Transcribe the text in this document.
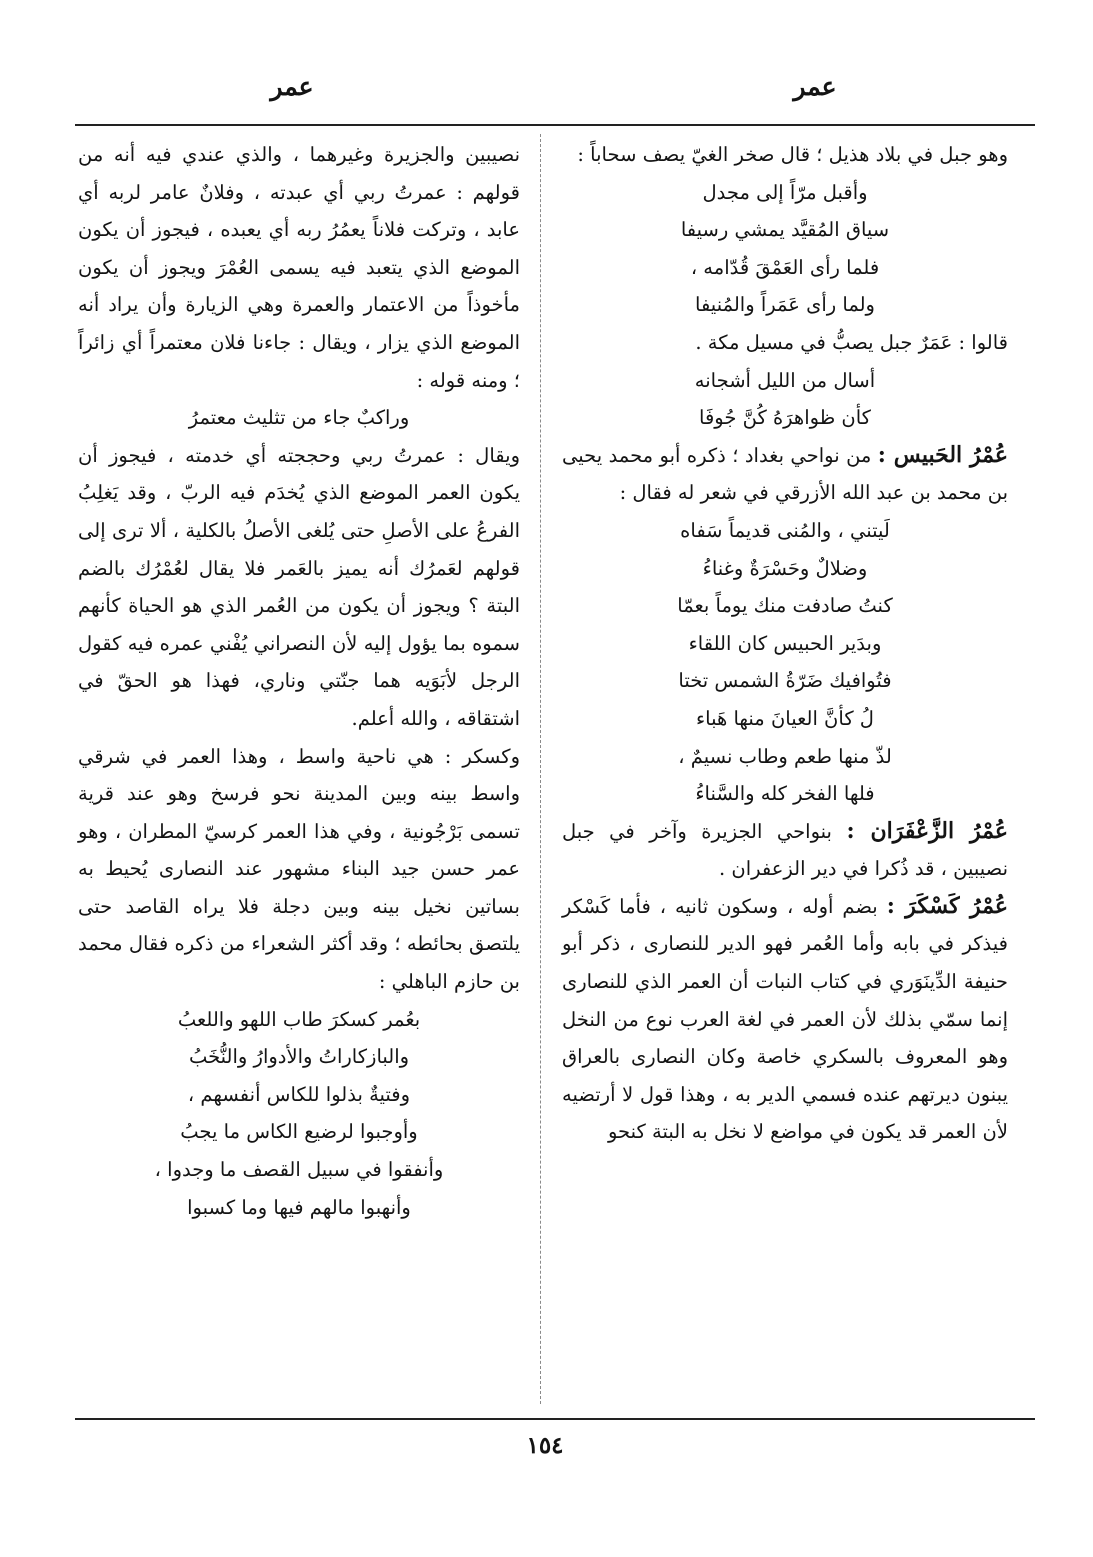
عمر
عمر

وهو جبل في بلاد هذيل ؛ قال صخر الغيّ يصف سحاباً :

وأقبل مرّاً إلى مجدل

سياق المُقيَّد يمشي رسيفا

فلما رأى العَمْقَ قُدّامه ،

ولما رأى عَمَراً والمُنيفا

قالوا : عَمَرٌ جبل يصبُّ في مسيل مكة .

أسال من الليل أشجانه

كأن ظواهرَهُ كُنَّ جُوفَا

عُمْرُ الحَبيس : من نواحي بغداد ؛ ذكره أبو محمد يحيى بن محمد بن عبد الله الأزرقي في شعر له فقال :

لَيتني ، والمُنى قديماً سَفاه

وضلالٌ وحَسْرَةٌ وغناءُ

كنتُ صادفت منك يوماً بعمّا

وبدَير الحبيس كان اللقاء

فتُوافيك ضَرّةُ الشمس تختا

لُ كأنَّ العيانَ منها هَباء

لذّ منها طعم وطاب نسيمٌ ،

فلها الفخر كله والسَّناءُ

عُمْرُ الزَّعْفَرَان : بنواحي الجزيرة وآخر في جبل نصيبين ، قد ذُكرا في دير الزعفران .

عُمْرُ كَسْكَرَ : بضم أوله ، وسكون ثانيه ، فأما كَسْكر فيذكر في بابه وأما العُمر فهو الدير للنصارى ، ذكر أبو حنيفة الدِّينَوَري في كتاب النبات أن العمر الذي للنصارى إنما سمّي بذلك لأن العمر في لغة العرب نوع من النخل وهو المعروف بالسكري خاصة وكان النصارى بالعراق يبنون ديرتهم عنده فسمي الدير به ، وهذا قول لا أرتضيه لأن العمر قد يكون في مواضع لا نخل به البتة كنحو

نصيبين والجزيرة وغيرهما ، والذي عندي فيه أنه من قولهم : عمرتُ ربي أي عبدته ، وفلانٌ عامر لربه أي عابد ، وتركت فلاناً يعمُرُ ربه أي يعبده ، فيجوز أن يكون الموضع الذي يتعبد فيه يسمى العُمْرَ ويجوز أن يكون مأخوذاً من الاعتمار والعمرة وهي الزيارة وأن يراد أنه الموضع الذي يزار ، ويقال : جاءنا فلان معتمراً أي زائراً ؛ ومنه قوله :

وراكبٌ جاء من تثليث معتمرُ

ويقال : عمرتُ ربي وحججته أي خدمته ، فيجوز أن يكون العمر الموضع الذي يُخدَم فيه الربّ ، وقد يَغلِبُ الفرعُ على الأصلِ حتى يُلغى الأصلُ بالكلية ، ألا ترى إلى قولهم لعَمرُك أنه يميز بالعَمر فلا يقال لعُمْرُك بالضم البتة ؟ ويجوز أن يكون من العُمر الذي هو الحياة كأنهم سموه بما يؤول إليه لأن النصراني يُفْني عمره فيه كقول الرجل لأبَوَيه هما جنّتي وناري، فهذا هو الحقّ في اشتقاقه ، والله أعلم.

وكسكر : هي ناحية واسط ، وهذا العمر في شرقي واسط بينه وبين المدينة نحو فرسخ وهو عند قرية تسمى بَرْجُونية ، وفي هذا العمر كرسيّ المطران ، وهو عمر حسن جيد البناء مشهور عند النصارى يُحيط به بساتين نخيل بينه وبين دجلة فلا يراه القاصد حتى يلتصق بحائطه ؛ وقد أكثر الشعراء من ذكره فقال محمد بن حازم الباهلي :

بعُمر كسكرَ طاب اللهو واللعبُ

والبازكاراتُ والأدوارُ والنُّخَبُ

وفتيةٌ بذلوا للكاس أنفسهم ،

وأوجبوا لرضيع الكاس ما يجبُ

وأنفقوا في سبيل القصف ما وجدوا ،

وأنهبوا مالهم فيها وما كسبوا

١٥٤
